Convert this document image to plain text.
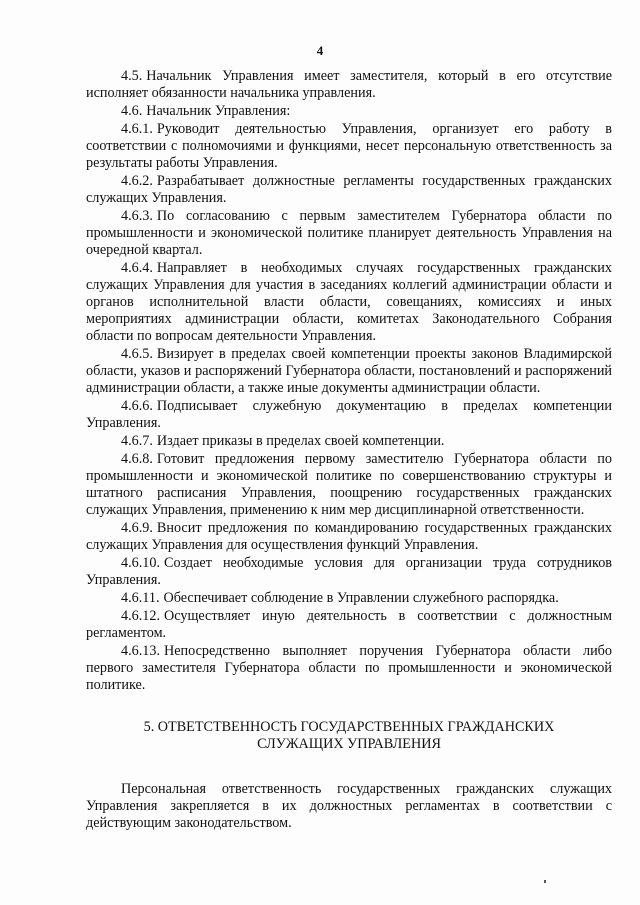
4

4.5. Начальник Управления имеет заместителя, который в его отсутствие исполняет обязанности начальника управления.

4.6. Начальник Управления:

4.6.1. Руководит деятельностью Управления, организует его работу в соответствии с полномочиями и функциями, несет персональную ответственность за результаты работы Управления.

4.6.2. Разрабатывает должностные регламенты государственных гражданских служащих Управления.

4.6.3. По согласованию с первым заместителем Губернатора области по промышленности и экономической политике планирует деятельность Управления на очередной квартал.

4.6.4. Направляет в необходимых случаях государственных гражданских служащих Управления для участия в заседаниях коллегий администрации области и органов исполнительной власти области, совещаниях, комиссиях и иных мероприятиях администрации области, комитетах Законодательного Собрания области по вопросам деятельности Управления.

4.6.5. Визирует в пределах своей компетенции проекты законов Владимирской области, указов и распоряжений Губернатора области, постановлений и распоряжений администрации области, а также иные документы администрации области.

4.6.6. Подписывает служебную документацию в пределах компетенции Управления.

4.6.7. Издает приказы в пределах своей компетенции.

4.6.8. Готовит предложения первому заместителю Губернатора области по промышленности и экономической политике по совершенствованию структуры и штатного расписания Управления, поощрению государственных гражданских служащих Управления, применению к ним мер дисциплинарной ответственности.

4.6.9. Вносит предложения по командированию государственных гражданских служащих Управления для осуществления функций Управления.

4.6.10. Создает необходимые условия для организации труда сотрудников Управления.

4.6.11. Обеспечивает соблюдение в Управлении служебного распорядка.

4.6.12. Осуществляет иную деятельность в соответствии с должностным регламентом.

4.6.13. Непосредственно выполняет поручения Губернатора области либо первого заместителя Губернатора области по промышленности и экономической политике.

5. ОТВЕТСТВЕННОСТЬ ГОСУДАРСТВЕННЫХ ГРАЖДАНСКИХ СЛУЖАЩИХ УПРАВЛЕНИЯ

Персональная ответственность государственных гражданских служащих Управления закрепляется в их должностных регламентах в соответствии с действующим законодательством.
